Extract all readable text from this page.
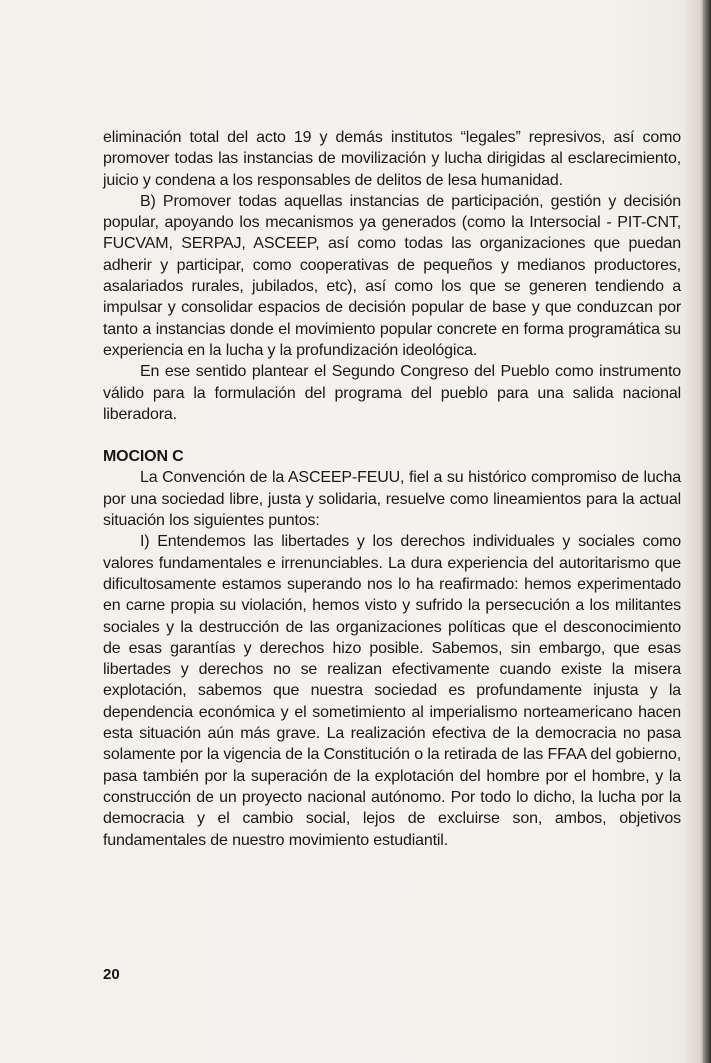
eliminación total del acto 19 y demás institutos “legales” represivos, así como promover todas las instancias de movilización y lucha dirigidas al esclarecimiento, juicio y condena a los responsables de delitos de lesa humanidad.

B) Promover todas aquellas instancias de participación, gestión y decisión popular, apoyando los mecanismos ya generados (como la Intersocial - PIT-CNT, FUCVAM, SERPAJ, ASCEEP, así como todas las organizaciones que puedan adherir y participar, como cooperativas de pequeños y medianos productores, asalariados rurales, jubilados, etc), así como los que se generen tendiendo a impulsar y consolidar espacios de decisión popular de base y que conduzcan por tanto a instancias donde el movimiento popular concrete en forma programática su experiencia en la lucha y la profundización ideológica.

En ese sentido plantear el Segundo Congreso del Pueblo como instrumento válido para la formulación del programa del pueblo para una salida nacional liberadora.

MOCION C

La Convención de la ASCEEP-FEUU, fiel a su histórico compromiso de lucha por una sociedad libre, justa y solidaria, resuelve como lineamientos para la actual situación los siguientes puntos:

I) Entendemos las libertades y los derechos individuales y sociales como valores fundamentales e irrenunciables. La dura experiencia del autoritarismo que dificultosamente estamos superando nos lo ha reafirmado: hemos experimentado en carne propia su violación, hemos visto y sufrido la persecución a los militantes sociales y la destrucción de las organizaciones políticas que el desconocimiento de esas garantías y derechos hizo posible. Sabemos, sin embargo, que esas libertades y derechos no se realizan efectivamente cuando existe la misera explotación, sabemos que nuestra sociedad es profundamente injusta y la dependencia económica y el sometimiento al imperialismo norteamericano hacen esta situación aún más grave. La realización efectiva de la democracia no pasa solamente por la vigencia de la Constitución o la retirada de las FFAA del gobierno, pasa también por la superación de la explotación del hombre por el hombre, y la construcción de un proyecto nacional autónomo. Por todo lo dicho, la lucha por la democracia y el cambio social, lejos de excluirse son, ambos, objetivos fundamentales de nuestro movimiento estudiantil.

20
